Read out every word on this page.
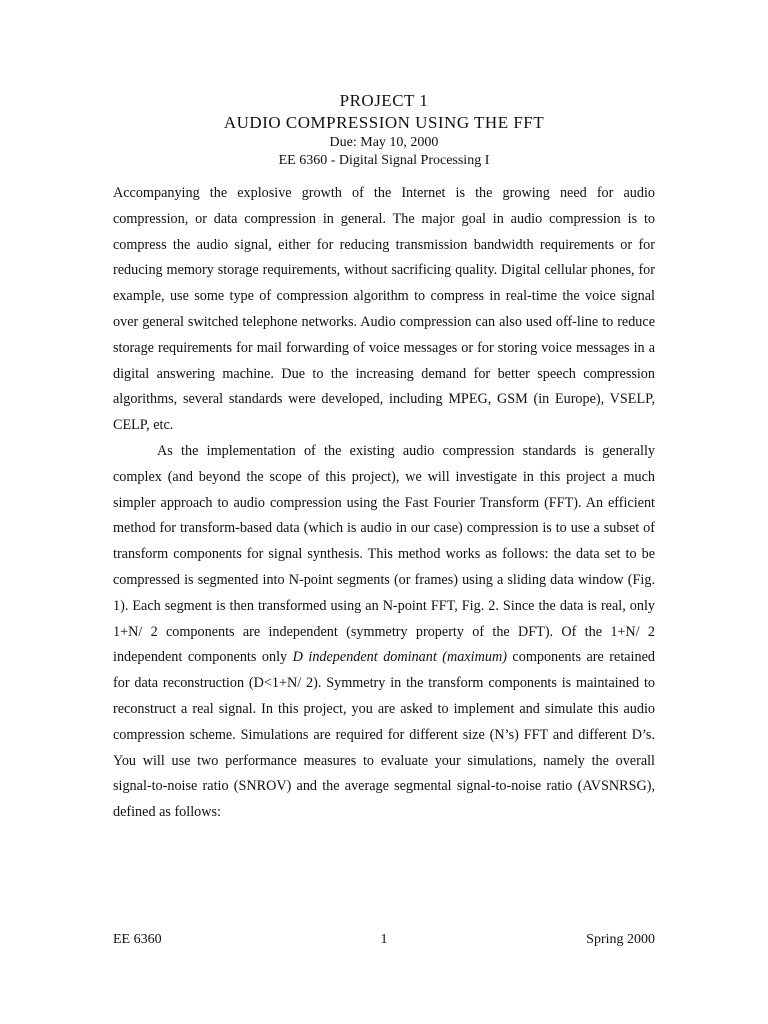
PROJECT 1
AUDIO COMPRESSION USING THE FFT
Due: May 10, 2000
EE 6360 - Digital Signal Processing I

Accompanying the explosive growth of the Internet is the growing need for audio compression, or data compression in general. The major goal in audio compression is to compress the audio signal, either for reducing transmission bandwidth requirements or for reducing memory storage requirements, without sacrificing quality. Digital cellular phones, for example, use some type of compression algorithm to compress in real-time the voice signal over general switched telephone networks. Audio compression can also used off-line to reduce storage requirements for mail forwarding of voice messages or for storing voice messages in a digital answering machine. Due to the increasing demand for better speech compression algorithms, several standards were developed, including MPEG, GSM (in Europe), VSELP, CELP, etc.

As the implementation of the existing audio compression standards is generally complex (and beyond the scope of this project), we will investigate in this project a much simpler approach to audio compression using the Fast Fourier Transform (FFT). An efficient method for transform-based data (which is audio in our case) compression is to use a subset of transform components for signal synthesis. This method works as follows: the data set to be compressed is segmented into N-point segments (or frames) using a sliding data window (Fig. 1). Each segment is then transformed using an N-point FFT, Fig. 2. Since the data is real, only 1+N/ 2 components are independent (symmetry property of the DFT). Of the 1+N/ 2 independent components only D independent dominant (maximum) components are retained for data reconstruction (D<1+N/ 2). Symmetry in the transform components is maintained to reconstruct a real signal. In this project, you are asked to implement and simulate this audio compression scheme. Simulations are required for different size (N’s) FFT and different D’s. You will use two performance measures to evaluate your simulations, namely the overall signal-to-noise ratio (SNROV) and the average segmental signal-to-noise ratio (AVSNRSG), defined as follows:

EE 6360	1	Spring 2000
